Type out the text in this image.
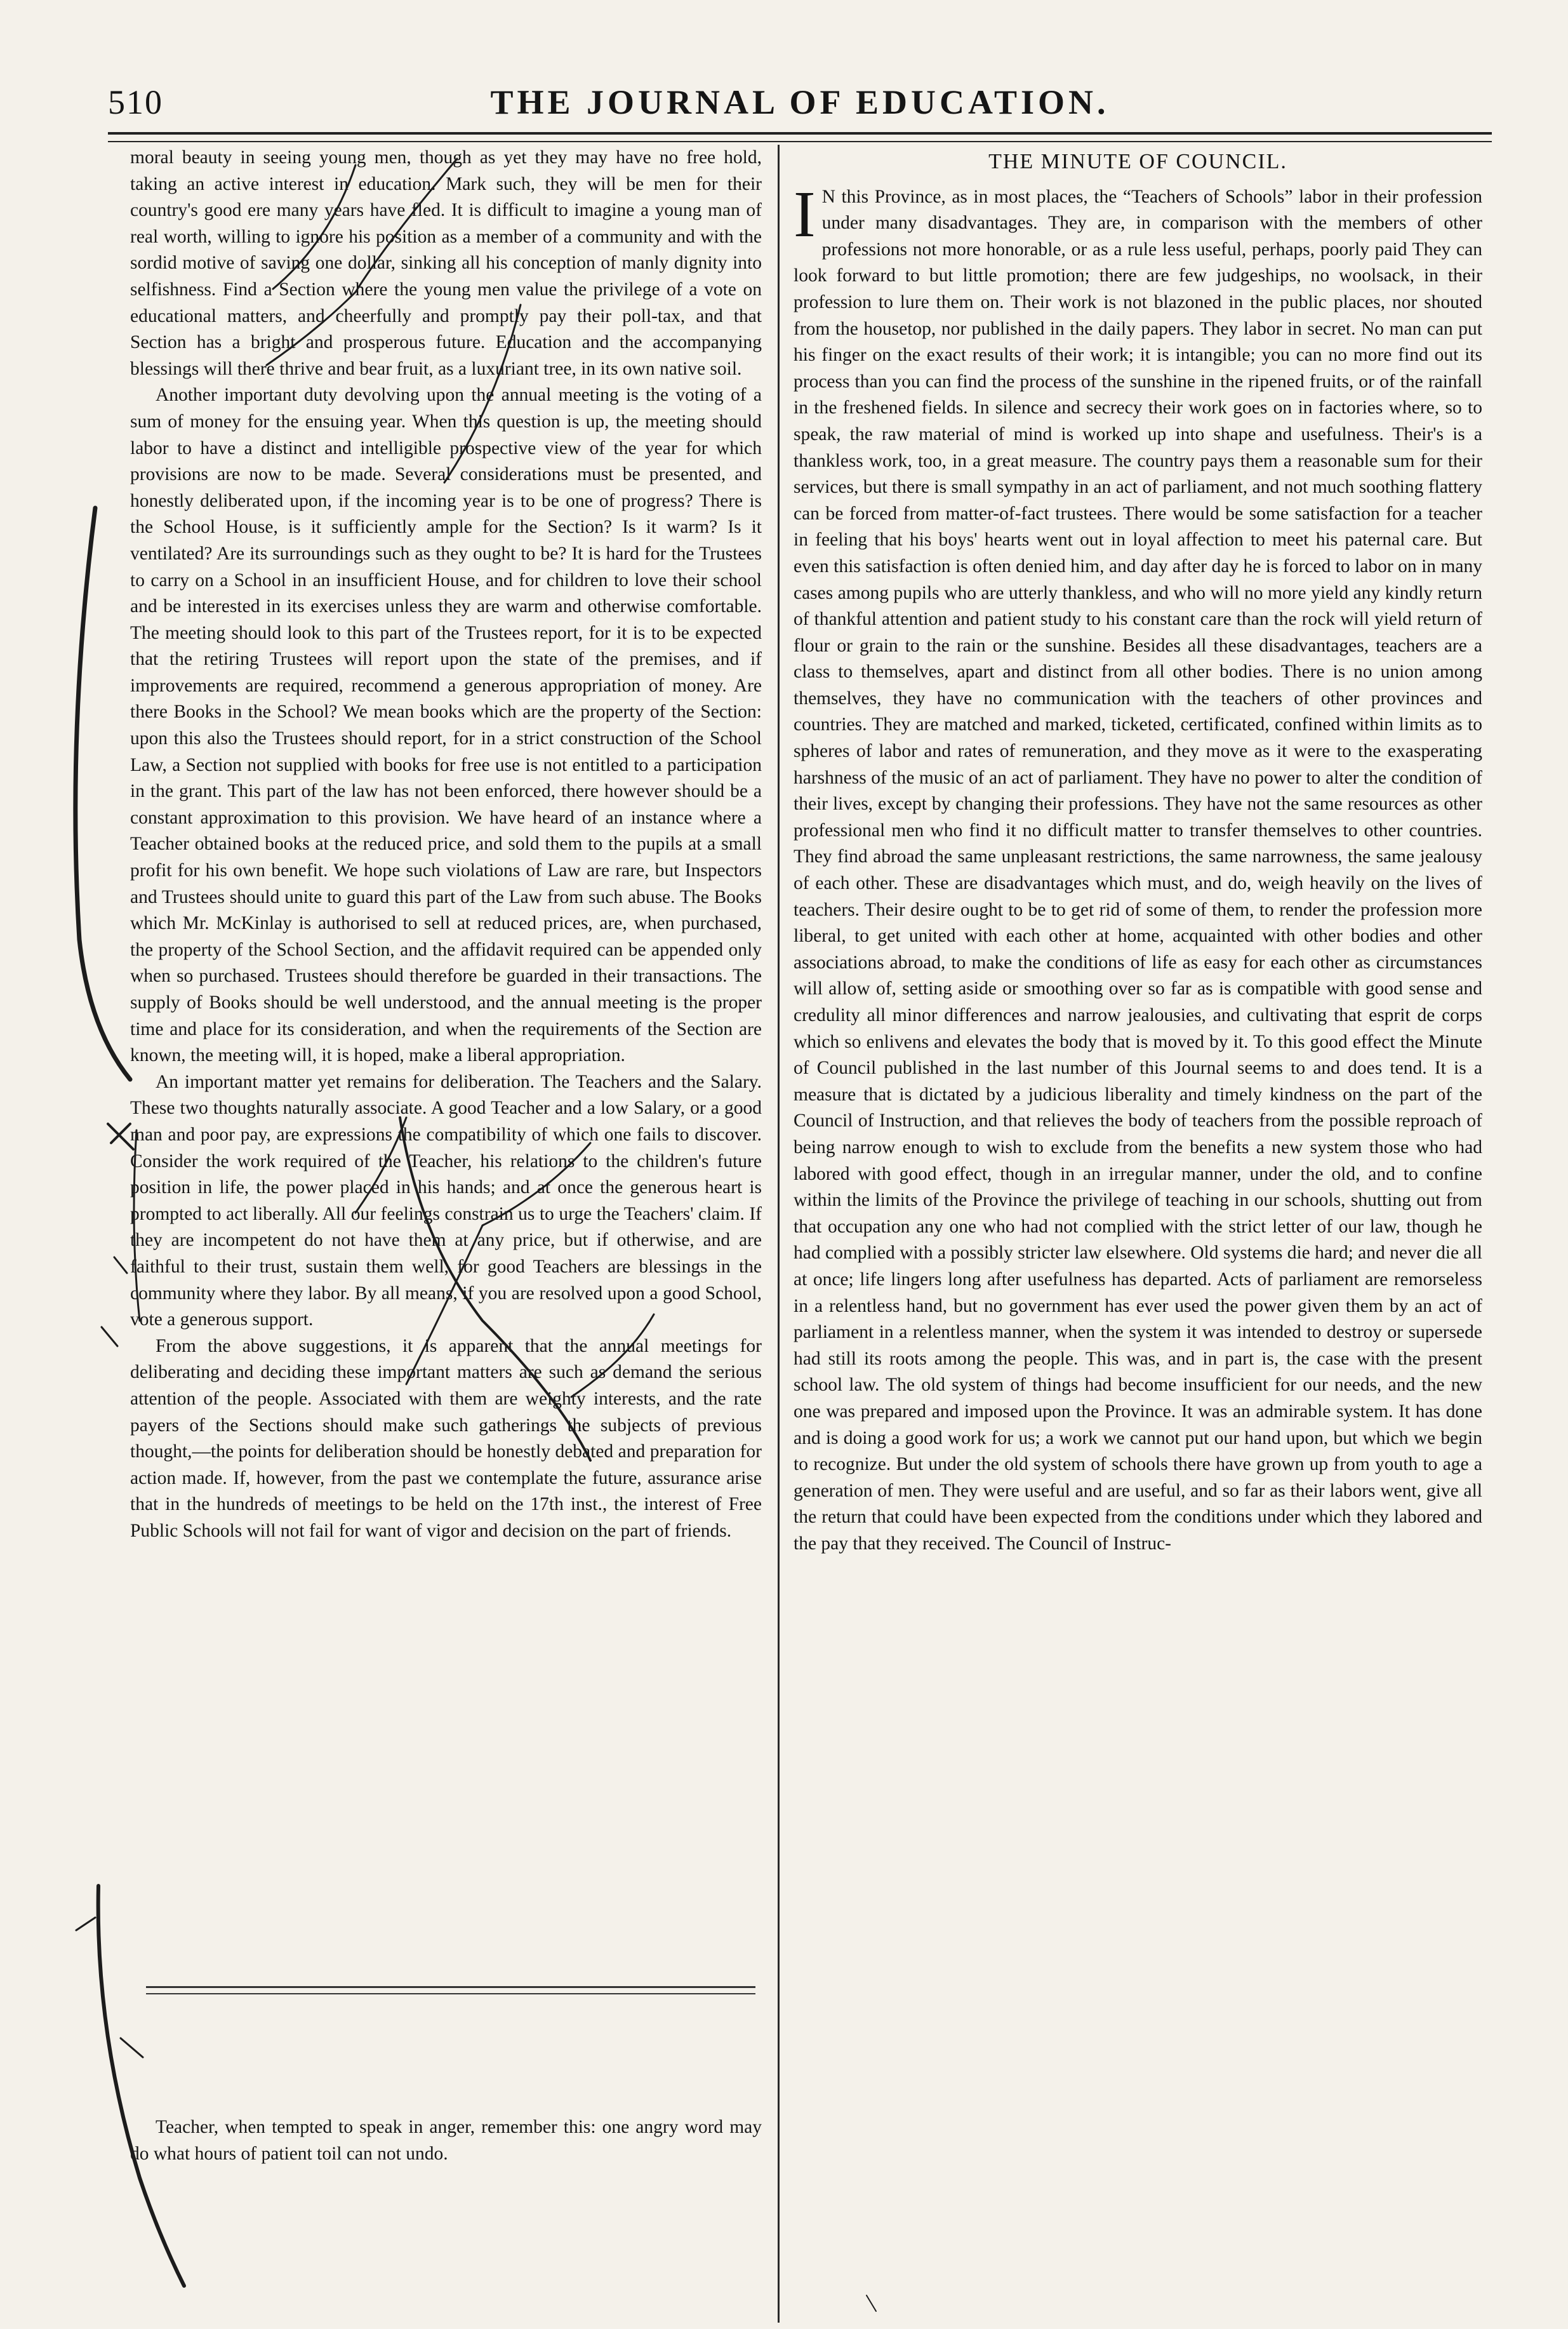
510	THE JOURNAL OF EDUCATION.

moral beauty in seeing young men, though as yet they may have no free hold, taking an active interest in education. Mark such, they will be men for their country's good ere many years have fled. It is difficult to imagine a young man of real worth, willing to ignore his position as a member of a community and with the sordid motive of saving one dollar, sinking all his conception of manly dignity into selfishness. Find a Section where the young men value the privilege of a vote on educational matters, and cheerfully and promptly pay their poll-tax, and that Section has a bright and prosperous future. Education and the accompanying blessings will there thrive and bear fruit, as a luxuriant tree, in its own native soil.

Another important duty devolving upon the annual meeting is the voting of a sum of money for the ensuing year. When this question is up, the meeting should labor to have a distinct and intelligible prospective view of the year for which provisions are now to be made. Several considerations must be presented, and honestly deliberated upon, if the incoming year is to be one of progress? There is the School House, is it sufficiently ample for the Section? Is it warm? Is it ventilated? Are its surroundings such as they ought to be? It is hard for the Trustees to carry on a School in an insufficient House, and for children to love their school and be interested in its exercises unless they are warm and otherwise comfortable. The meeting should look to this part of the Trustees report, for it is to be expected that the retiring Trustees will report upon the state of the premises, and if improvements are required, recommend a generous appropriation of money. Are there Books in the School? We mean books which are the property of the Section: upon this also the Trustees should report, for in a strict construction of the School Law, a Section not supplied with books for free use is not entitled to a participation in the grant. This part of the law has not been enforced, there however should be a constant approximation to this provision. We have heard of an instance where a Teacher obtained books at the reduced price, and sold them to the pupils at a small profit for his own benefit. We hope such violations of Law are rare, but Inspectors and Trustees should unite to guard this part of the Law from such abuse. The Books which Mr. McKinlay is authorised to sell at reduced prices, are, when purchased, the property of the School Section, and the affidavit required can be appended only when so purchased. Trustees should therefore be guarded in their transactions. The supply of Books should be well understood, and the annual meeting is the proper time and place for its consideration, and when the requirements of the Section are known, the meeting will, it is hoped, make a liberal appropriation.

An important matter yet remains for deliberation. The Teachers and the Salary. These two thoughts naturally associate. A good Teacher and a low Salary, or a good man and poor pay, are expressions the compatibility of which one fails to discover. Consider the work required of the Teacher, his relations to the children's future position in life, the power placed in his hands; and at once the generous heart is prompted to act liberally. All our feelings constrain us to urge the Teachers' claim. If they are incompetent do not have them at any price, but if otherwise, and are faithful to their trust, sustain them well, for good Teachers are blessings in the community where they labor. By all means, if you are resolved upon a good School, vote a generous support.

From the above suggestions, it is apparent that the annual meetings for deliberating and deciding these important matters are such as demand the serious attention of the people. Associated with them are weighty interests, and the rate payers of the Sections should make such gatherings the subjects of previous thought,—the points for deliberation should be honestly debated and preparation for action made. If, however, from the past we contemplate the future, assurance arise that in the hundreds of meetings to be held on the 17th inst., the interest of Free Public Schools will not fail for want of vigor and decision on the part of friends.

Teacher, when tempted to speak in anger, remember this: one angry word may do what hours of patient toil can not undo.

THE MINUTE OF COUNCIL.

I N this Province, as in most places, the “Teachers of Schools” labor in their profession under many disadvantages. They are, in comparison with the members of other professions not more honorable, or as a rule less useful, perhaps, poorly paid They can look forward to but little promotion; there are few judgeships, no woolsack, in their profession to lure them on. Their work is not blazoned in the public places, nor shouted from the housetop, nor published in the daily papers. They labor in secret. No man can put his finger on the exact results of their work; it is intangible; you can no more find out its process than you can find the process of the sunshine in the ripened fruits, or of the rainfall in the freshened fields. In silence and secrecy their work goes on in factories where, so to speak, the raw material of mind is worked up into shape and usefulness. Their's is a thankless work, too, in a great measure. The country pays them a reasonable sum for their services, but there is small sympathy in an act of parliament, and not much soothing flattery can be forced from matter-of-fact trustees. There would be some satisfaction for a teacher in feeling that his boys' hearts went out in loyal affection to meet his paternal care. But even this satisfaction is often denied him, and day after day he is forced to labor on in many cases among pupils who are utterly thankless, and who will no more yield any kindly return of thankful attention and patient study to his constant care than the rock will yield return of flour or grain to the rain or the sunshine. Besides all these disadvantages, teachers are a class to themselves, apart and distinct from all other bodies. There is no union among themselves, they have no communication with the teachers of other provinces and countries. They are matched and marked, ticketed, certificated, confined within limits as to spheres of labor and rates of remuneration, and they move as it were to the exasperating harshness of the music of an act of parliament. They have no power to alter the condition of their lives, except by changing their professions. They have not the same resources as other professional men who find it no difficult matter to transfer themselves to other countries. They find abroad the same unpleasant restrictions, the same narrowness, the same jealousy of each other. These are disadvantages which must, and do, weigh heavily on the lives of teachers. Their desire ought to be to get rid of some of them, to render the profession more liberal, to get united with each other at home, acquainted with other bodies and other associations abroad, to make the conditions of life as easy for each other as circumstances will allow of, setting aside or smoothing over so far as is compatible with good sense and credulity all minor differences and narrow jealousies, and cultivating that esprit de corps which so enlivens and elevates the body that is moved by it. To this good effect the Minute of Council published in the last number of this Journal seems to and does tend. It is a measure that is dictated by a judicious liberality and timely kindness on the part of the Council of Instruction, and that relieves the body of teachers from the possible reproach of being narrow enough to wish to exclude from the benefits a new system those who had labored with good effect, though in an irregular manner, under the old, and to confine within the limits of the Province the privilege of teaching in our schools, shutting out from that occupation any one who had not complied with the strict letter of our law, though he had complied with a possibly stricter law elsewhere. Old systems die hard; and never die all at once; life lingers long after usefulness has departed. Acts of parliament are remorseless in a relentless hand, but no government has ever used the power given them by an act of parliament in a relentless manner, when the system it was intended to destroy or supersede had still its roots among the people. This was, and in part is, the case with the present school law. The old system of things had become insufficient for our needs, and the new one was prepared and imposed upon the Province. It was an admirable system. It has done and is doing a good work for us; a work we cannot put our hand upon, but which we begin to recognize. But under the old system of schools there have grown up from youth to age a generation of men. They were useful and are useful, and so far as their labors went, give all the return that could have been expected from the conditions under which they labored and the pay that they received. The Council of Instruc-
